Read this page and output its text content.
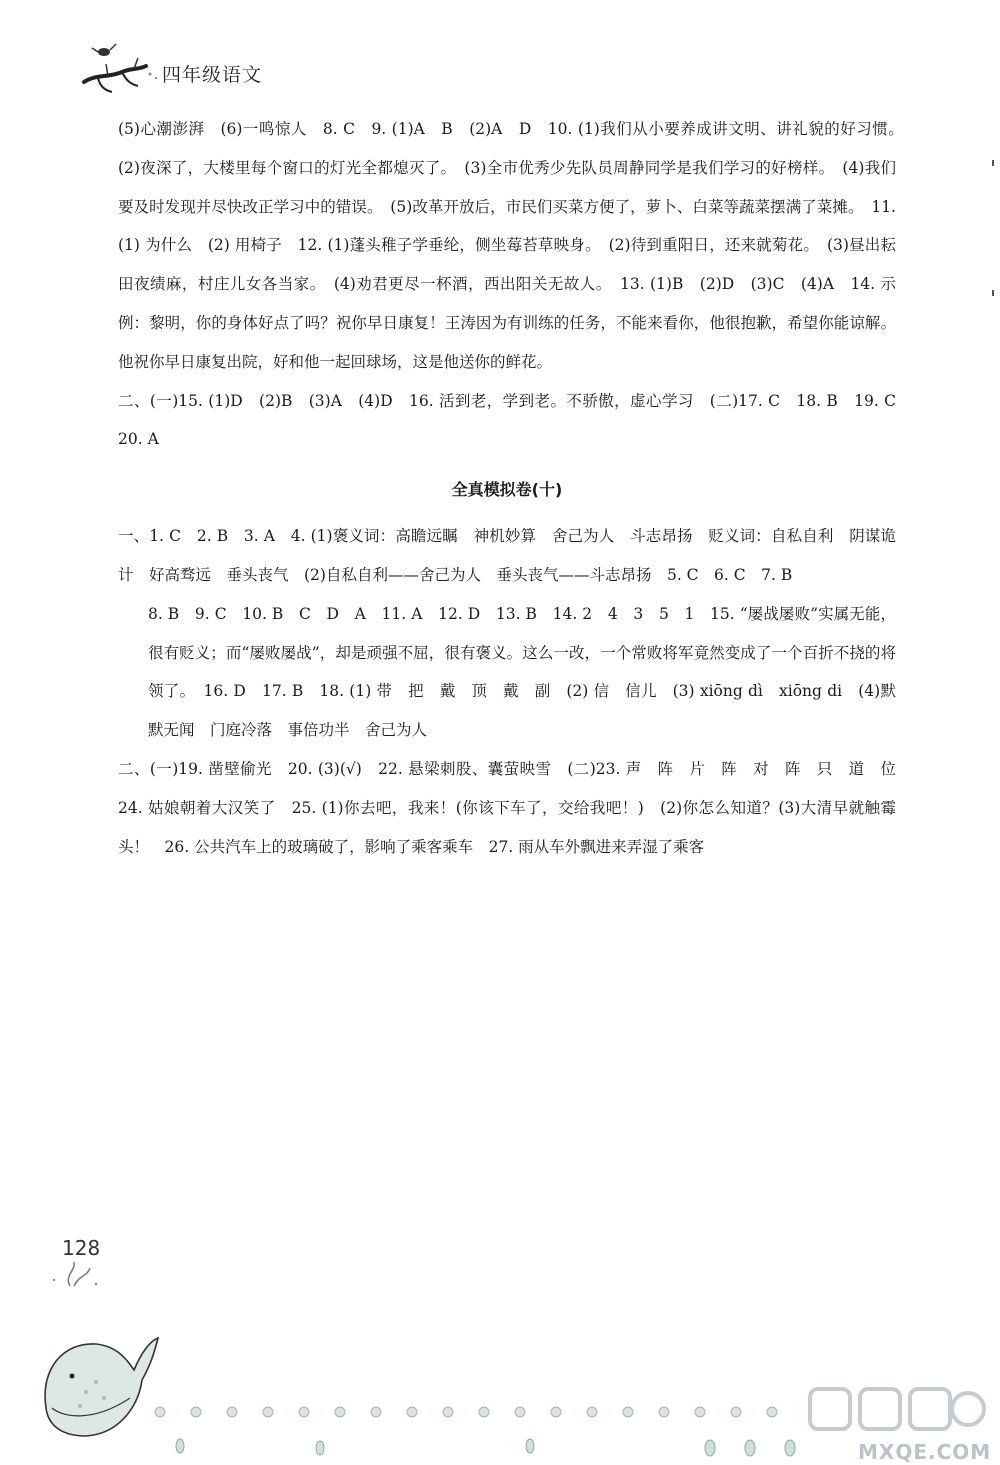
四年级语文

(5)心潮澎湃　(6)一鸣惊人　8. C　9. (1)A　B　(2)A　D　10. (1)我们从小要养成讲文明、讲礼貌的好习惯。　(2)夜深了，大楼里每个窗口的灯光全都熄灭了。　(3)全市优秀少先队员周静同学是我们学习的好榜样。　(4)我们要及时发现并尽快改正学习中的错误。　(5)改革开放后，市民们买菜方便了，萝卜、白菜等蔬菜摆满了菜摊。　11. (1) 为什么　(2) 用椅子　12. (1)蓬头稚子学垂纶，侧坐莓苔草映身。　(2)待到重阳日，还来就菊花。　(3)昼出耘田夜绩麻，村庄儿女各当家。　(4)劝君更尽一杯酒，西出阳关无故人。　13. (1)B　(2)D　(3)C　(4)A　14. 示例：黎明，你的身体好点了吗？祝你早日康复！王涛因为有训练的任务，不能来看你，他很抱歉，希望你能谅解。他祝你早日康复出院，好和他一起回球场，这是他送你的鲜花。

二、(一)15. (1)D　(2)B　(3)A　(4)D　16. 活到老，学到老。不骄傲，虚心学习　(二)17. C　18. B　19. C　20. A

全真模拟卷(十)

一、1. C　2. B　3. A　4. (1)褒义词：高瞻远瞩　神机妙算　舍己为人　斗志昂扬　贬义词：自私自利　阴谋诡计　好高骛远　垂头丧气　(2)自私自利——舍己为人　垂头丧气——斗志昂扬　5. C　6. C　7. B

8. B　9. C　10. B　C　D　A　11. A　12. D　13. B　14. 2　4　3　5　1　15. “屡战屡败”实属无能，很有贬义；而“屡败屡战”，却是顽强不屈，很有褒义。这么一改，一个常败将军竟然变成了一个百折不挠的将领了。　16. D　17. B　18. (1) 带　把　戴　顶　戴　副　(2) 信　信儿　(3) xiōng dì　xiōng di　(4)默默无闻　门庭冷落　事倍功半　舍己为人

二、(一)19. 凿壁偷光　20. (3)(√)　22. 悬梁刺股、囊萤映雪　(二)23. 声　阵　片　阵　对　阵　只　道　位　24. 姑娘朝着大汉笑了　25. (1)你去吧，我来！(你该下车了，交给我吧！)　(2)你怎么知道？(3)大清早就触霉头！　26. 公共汽车上的玻璃破了，影响了乘客乘车　27. 雨从车外飘进来弄湿了乘客

128
MXQE.COM
